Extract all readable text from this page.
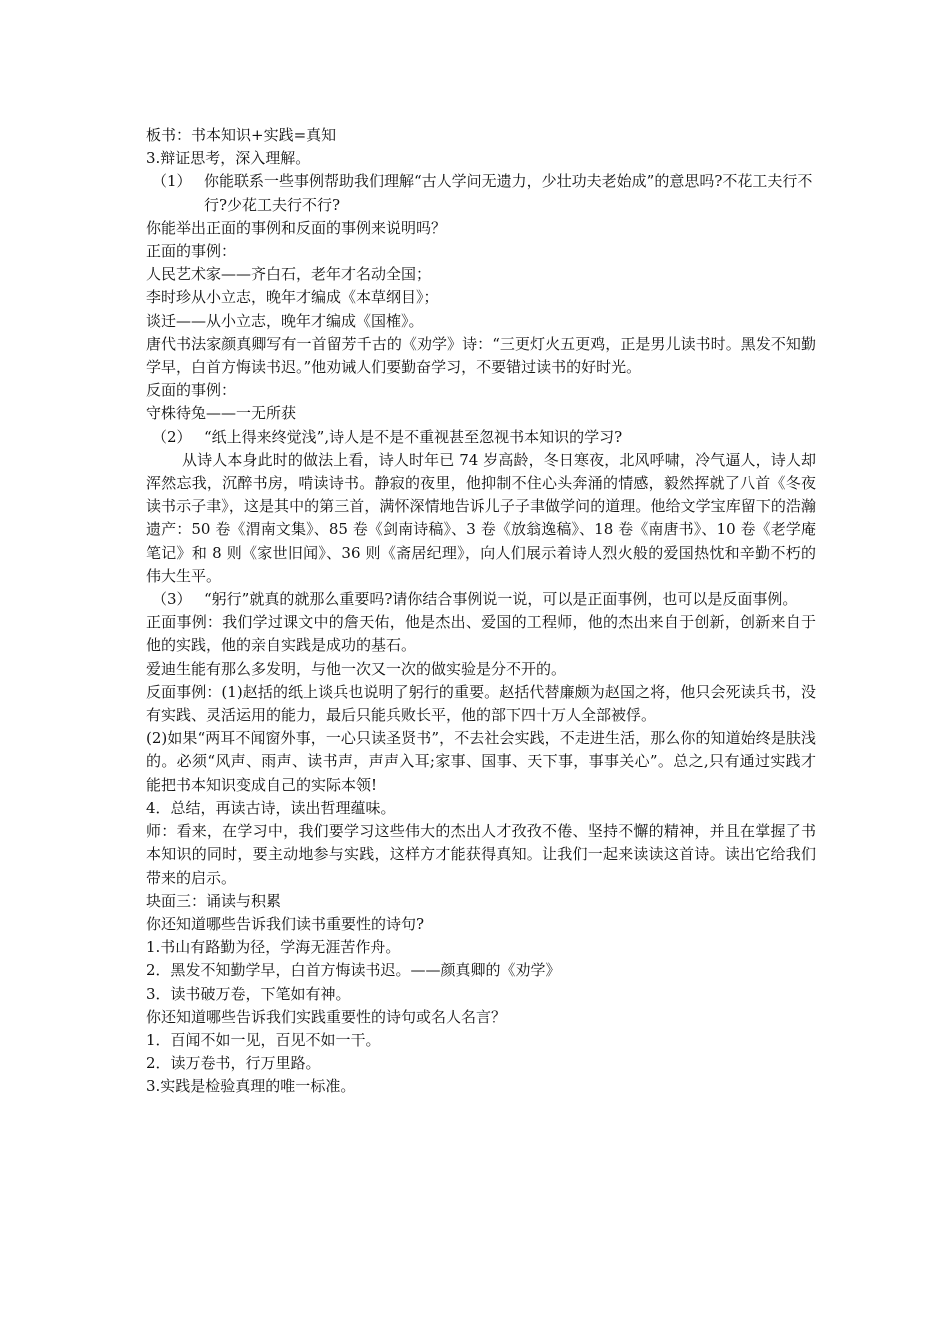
板书：书本知识+实践=真知

3.辩证思考，深入理解。

（1） 你能联系一些事例帮助我们理解“古人学问无遗力，少壮功夫老始成”的意思吗?不花工夫行不行?少花工夫行不行?

你能举出正面的事例和反面的事例来说明吗？

正面的事例：

人民艺术家——齐白石，老年才名动全国；

李时珍从小立志，晚年才编成《本草纲目》；

谈迁——从小立志，晚年才编成《国榷》。

唐代书法家颜真卿写有一首留芳千古的《劝学》诗：“三更灯火五更鸡，正是男儿读书时。黑发不知勤学早，白首方悔读书迟。”他劝诫人们要勤奋学习，不要错过读书的好时光。

反面的事例：

守株待兔——一无所获

（2） “纸上得来终觉浅”,诗人是不是不重视甚至忽视书本知识的学习?

从诗人本身此时的做法上看，诗人时年已 74 岁高龄，冬日寒夜，北风呼啸，冷气逼人，诗人却浑然忘我，沉醉书房，啃读诗书。静寂的夜里，他抑制不住心头奔涌的情感，毅然挥就了八首《冬夜读书示子聿》，这是其中的第三首，满怀深情地告诉儿子子聿做学问的道理。他给文学宝库留下的浩瀚遗产：50 卷《渭南文集》、85 卷《剑南诗稿》、3 卷《放翁逸稿》、18 卷《南唐书》、10 卷《老学庵笔记》和 8 则《家世旧闻》、36 则《斋居纪理》，向人们展示着诗人烈火般的爱国热忱和辛勤不朽的伟大生平。

（3） “躬行”就真的就那么重要吗?请你结合事例说一说，可以是正面事例，也可以是反面事例。

正面事例：我们学过课文中的詹天佑，他是杰出、爱国的工程师，他的杰出来自于创新，创新来自于他的实践，他的亲自实践是成功的基石。

爱迪生能有那么多发明，与他一次又一次的做实验是分不开的。

反面事例：(1)赵括的纸上谈兵也说明了躬行的重要。赵括代替廉颇为赵国之将，他只会死读兵书，没有实践、灵活运用的能力，最后只能兵败长平，他的部下四十万人全部被俘。

(2)如果“两耳不闻窗外事，一心只读圣贤书”，不去社会实践，不走进生活，那么你的知道始终是肤浅的。必须“风声、雨声、读书声，声声入耳;家事、国事、天下事，事事关心”。总之,只有通过实践才能把书本知识变成自己的实际本领!

4．总结，再读古诗，读出哲理蕴味。

师：看来，在学习中，我们要学习这些伟大的杰出人才孜孜不倦、坚持不懈的精神，并且在掌握了书本知识的同时，要主动地参与实践，这样方才能获得真知。让我们一起来读读这首诗。读出它给我们带来的启示。

块面三：诵读与积累

你还知道哪些告诉我们读书重要性的诗句?

1.书山有路勤为径，学海无涯苦作舟。

2．黑发不知勤学早，白首方悔读书迟。——颜真卿的《劝学》

3．读书破万卷，下笔如有神。

你还知道哪些告诉我们实践重要性的诗句或名人名言？

1．百闻不如一见，百见不如一干。

2．读万卷书，行万里路。

3.实践是检验真理的唯一标准。
